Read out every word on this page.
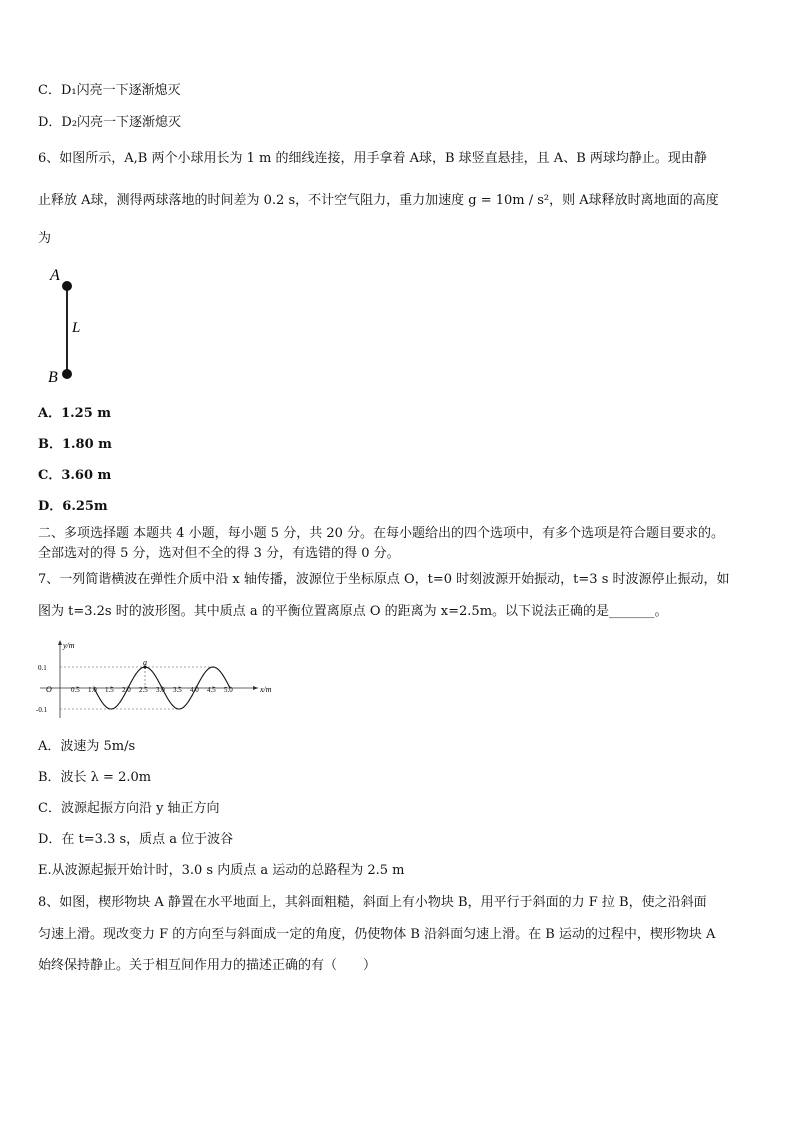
C．D₁闪亮一下逐渐熄灭
D．D₂闪亮一下逐渐熄灭
6、如图所示，A,B 两个小球用长为 1 m 的细线连接，用手拿着 A球，B 球竖直悬挂，且 A、B 两球均静止。现由静
止释放 A球，测得两球落地的时间差为 0.2 s，不计空气阻力，重力加速度 g = 10m / s²，则 A球释放时离地面的高度
为
A
L
B
A．1.25 m
B．1.80 m
C．3.60 m
D．6.25m
二、多项选择题 本题共 4 小题，每小题 5 分，共 20 分。在每小题给出的四个选项中，有多个选项是符合题目要求的。
全部选对的得 5 分，选对但不全的得 3 分，有选错的得 0 分。
7、一列简谐横波在弹性介质中沿 x 轴传播，波源位于坐标原点 O，t=0 时刻波源开始振动，t=3 s 时波源停止振动，如
图为 t=3.2s 时的波形图。其中质点 a 的平衡位置离原点 O 的距离为 x=2.5m。以下说法正确的是_______。
y/m
x/m
O
0.1
-0.1
0.5 1.0 1.5 2.0 2.5 3.0 3.5 4.0 4.5 5.0
a
A．波速为 5m/s
B．波长 λ = 2.0m
C．波源起振方向沿 y 轴正方向
D．在 t=3.3 s，质点 a 位于波谷
E.从波源起振开始计时，3.0 s 内质点 a 运动的总路程为 2.5 m
8、如图，楔形物块 A 静置在水平地面上，其斜面粗糙，斜面上有小物块 B，用平行于斜面的力 F 拉 B，使之沿斜面
匀速上滑。现改变力 F 的方向至与斜面成一定的角度，仍使物体 B 沿斜面匀速上滑。在 B 运动的过程中，楔形物块 A
始终保持静止。关于相互间作用力的描述正确的有（　　）
